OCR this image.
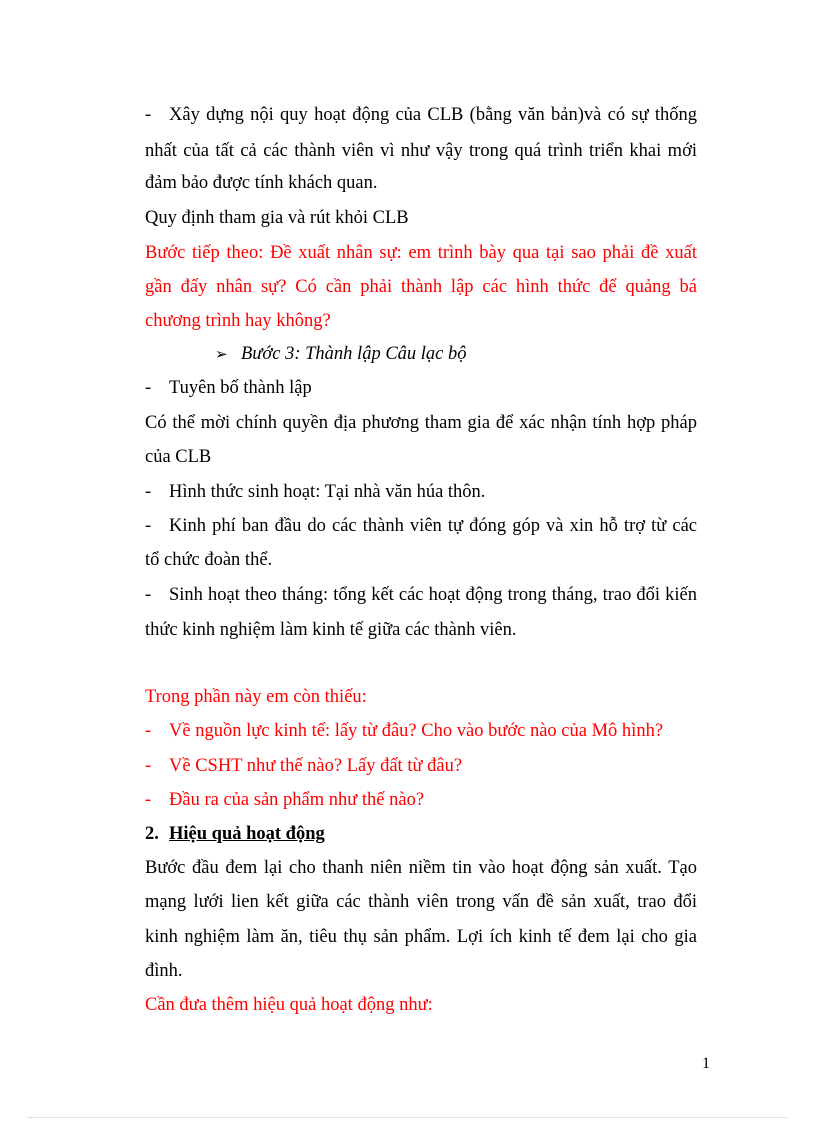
- Xây dựng nội quy hoạt động của CLB (bằng văn bản)và có sự thống
nhất của tất cả các thành viên vì như vậy trong quá trình triển khai mới
đảm bảo được tính khách quan.
Quy định tham gia và rút khỏi CLB
Bước tiếp theo: Đề xuất nhân sự: em trình bày qua tại sao phải đề xuất
gần đấy nhân sự? Có cần phải thành lập các hình thức để quảng bá
chương trình hay không?
➢ Bước 3: Thành lập Câu lạc bộ
- Tuyên bố thành lập
Có thể mời chính quyền địa phương tham gia để xác nhận tính hợp pháp
của CLB
- Hình thức sinh hoạt: Tại nhà văn húa thôn.
- Kinh phí ban đầu do các thành viên tự đóng góp và xin hỗ trợ từ các
tổ chức đoàn thể.
- Sinh hoạt theo tháng: tổng kết các hoạt động trong tháng, trao đổi kiến
thức kinh nghiệm làm kinh tế giữa các thành viên.
Trong phần này em còn thiếu:
- Về nguồn lực kinh tế: lấy từ đâu? Cho vào bước nào của Mô hình?
- Về CSHT như thế nào? Lấy đất từ đâu?
- Đầu ra của sản phẩm như thế nào?
2. Hiệu quả hoạt động
Bước đầu đem lại cho thanh niên niềm tin vào hoạt động sản xuất. Tạo
mạng lưới lien kết giữa các thành viên trong vấn đề sản xuất, trao đổi
kinh nghiệm làm ăn, tiêu thụ sản phẩm. Lợi ích kinh tế đem lại cho gia
đình.
Cần đưa thêm hiệu quả hoạt động như:
1
